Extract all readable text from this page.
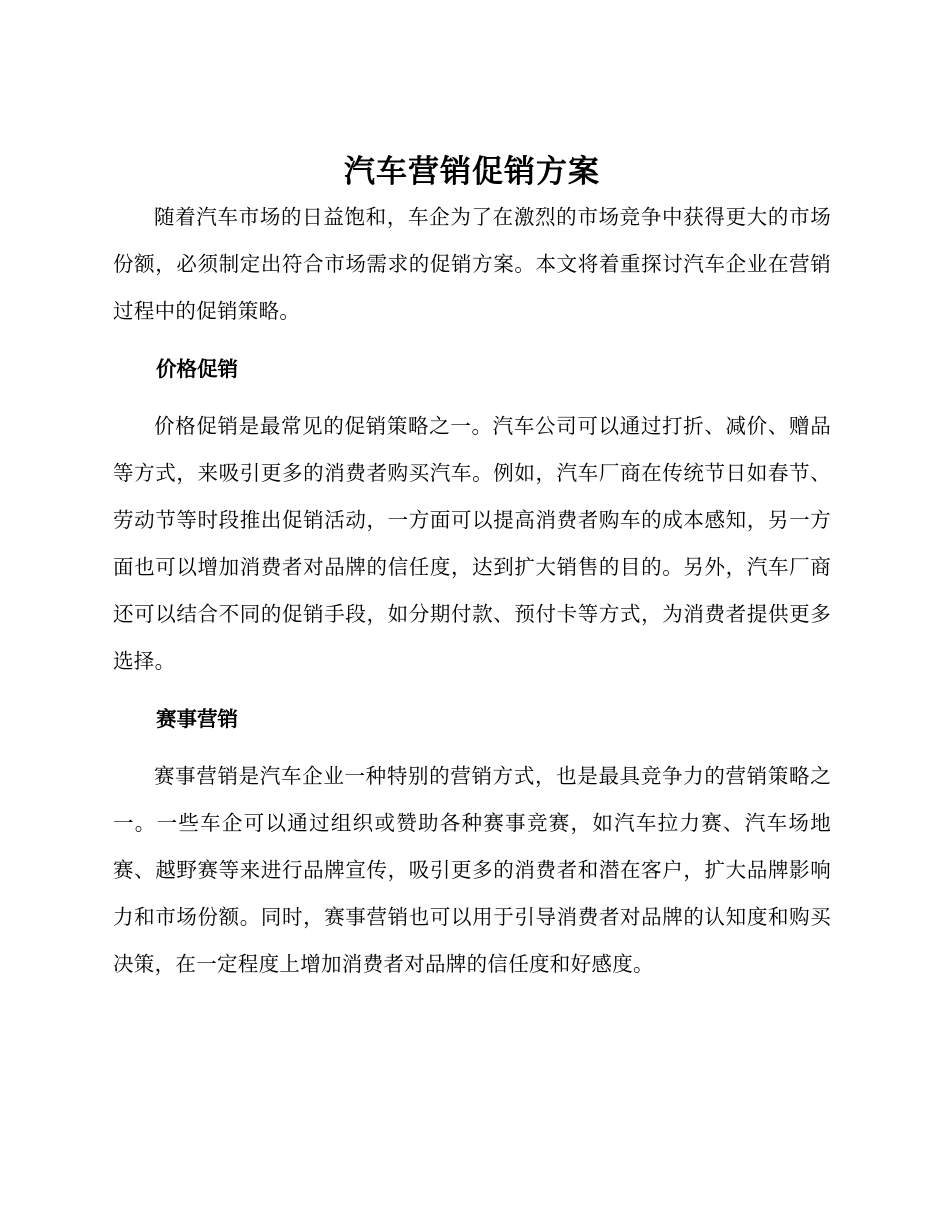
汽车营销促销方案

随着汽车市场的日益饱和，车企为了在激烈的市场竞争中获得更大的市场份额，必须制定出符合市场需求的促销方案。本文将着重探讨汽车企业在营销过程中的促销策略。

价格促销

价格促销是最常见的促销策略之一。汽车公司可以通过打折、减价、赠品等方式，来吸引更多的消费者购买汽车。例如，汽车厂商在传统节日如春节、劳动节等时段推出促销活动，一方面可以提高消费者购车的成本感知，另一方面也可以增加消费者对品牌的信任度，达到扩大销售的目的。另外，汽车厂商还可以结合不同的促销手段，如分期付款、预付卡等方式，为消费者提供更多选择。

赛事营销

赛事营销是汽车企业一种特别的营销方式，也是最具竞争力的营销策略之一。一些车企可以通过组织或赞助各种赛事竞赛，如汽车拉力赛、汽车场地赛、越野赛等来进行品牌宣传，吸引更多的消费者和潜在客户，扩大品牌影响力和市场份额。同时，赛事营销也可以用于引导消费者对品牌的认知度和购买决策，在一定程度上增加消费者对品牌的信任度和好感度。
